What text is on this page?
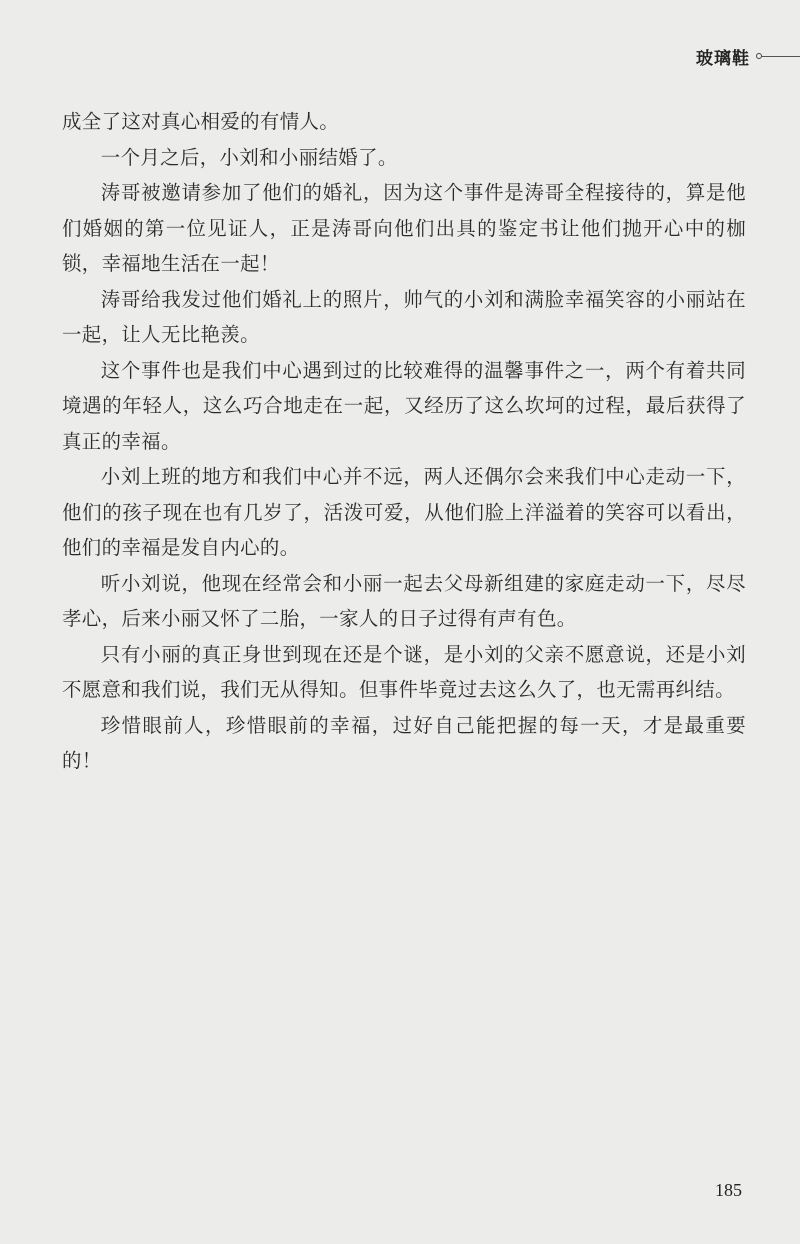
玻璃鞋

成全了这对真心相爱的有情人。

一个月之后，小刘和小丽结婚了。

涛哥被邀请参加了他们的婚礼，因为这个事件是涛哥全程接待的，算是他们婚姻的第一位见证人，正是涛哥向他们出具的鉴定书让他们抛开心中的枷锁，幸福地生活在一起！

涛哥给我发过他们婚礼上的照片，帅气的小刘和满脸幸福笑容的小丽站在一起，让人无比艳羡。

这个事件也是我们中心遇到过的比较难得的温馨事件之一，两个有着共同境遇的年轻人，这么巧合地走在一起，又经历了这么坎坷的过程，最后获得了真正的幸福。

小刘上班的地方和我们中心并不远，两人还偶尔会来我们中心走动一下，他们的孩子现在也有几岁了，活泼可爱，从他们脸上洋溢着的笑容可以看出，他们的幸福是发自内心的。

听小刘说，他现在经常会和小丽一起去父母新组建的家庭走动一下，尽尽孝心，后来小丽又怀了二胎，一家人的日子过得有声有色。

只有小丽的真正身世到现在还是个谜，是小刘的父亲不愿意说，还是小刘不愿意和我们说，我们无从得知。但事件毕竟过去这么久了，也无需再纠结。

珍惜眼前人，珍惜眼前的幸福，过好自己能把握的每一天，才是最重要的！

185
